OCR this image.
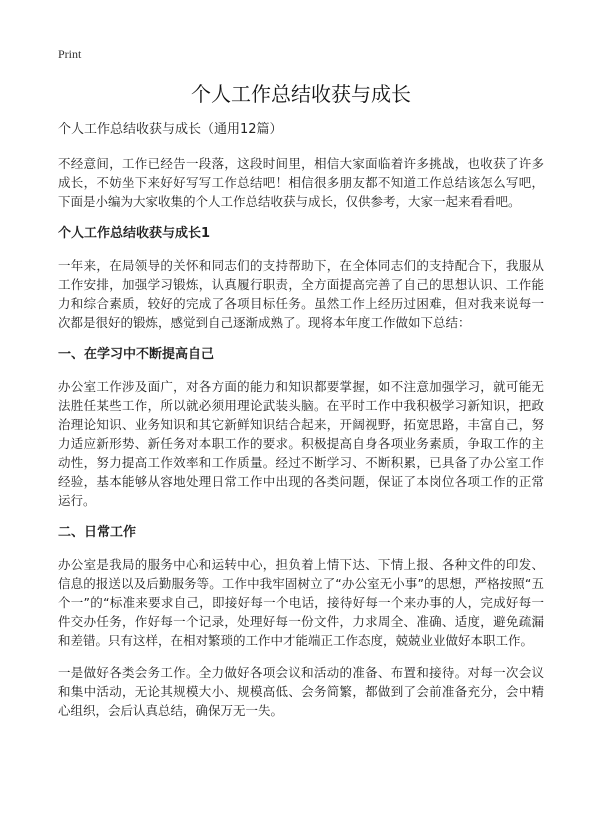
Print
个人工作总结收获与成长
个人工作总结收获与成长（通用12篇）

不经意间，工作已经告一段落，这段时间里，相信大家面临着许多挑战，也收获了许多成长，不妨坐下来好好写写工作总结吧！相信很多朋友都不知道工作总结该怎么写吧，下面是小编为大家收集的个人工作总结收获与成长，仅供参考，大家一起来看看吧。

个人工作总结收获与成长1

一年来，在局领导的关怀和同志们的支持帮助下，在全体同志们的支持配合下，我服从工作安排，加强学习锻炼，认真履行职责，全方面提高完善了自己的思想认识、工作能力和综合素质，较好的完成了各项目标任务。虽然工作上经历过困难，但对我来说每一次都是很好的锻炼，感觉到自己逐渐成熟了。现将本年度工作做如下总结：

一、在学习中不断提高自己

办公室工作涉及面广，对各方面的能力和知识都要掌握，如不注意加强学习，就可能无法胜任某些工作，所以就必须用理论武装头脑。在平时工作中我积极学习新知识，把政治理论知识、业务知识和其它新鲜知识结合起来，开阔视野，拓宽思路，丰富自己，努力适应新形势、新任务对本职工作的要求。积极提高自身各项业务素质，争取工作的主动性，努力提高工作效率和工作质量。经过不断学习、不断积累，已具备了办公室工作经验，基本能够从容地处理日常工作中出现的各类问题，保证了本岗位各项工作的正常运行。

二、日常工作

办公室是我局的服务中心和运转中心，担负着上情下达、下情上报、各种文件的印发、信息的报送以及后勤服务等。工作中我牢固树立了“办公室无小事”的思想，严格按照“五个一”的“标准来要求自己，即接好每一个电话，接待好每一个来办事的人，完成好每一件交办任务，作好每一个记录，处理好每一份文件，力求周全、准确、适度，避免疏漏和差错。只有这样，在相对繁琐的工作中才能端正工作态度，兢兢业业做好本职工作。

一是做好各类会务工作。全力做好各项会议和活动的准备、布置和接待。对每一次会议和集中活动，无论其规模大小、规模高低、会务简繁，都做到了会前准备充分，会中精心组织，会后认真总结，确保万无一失。
